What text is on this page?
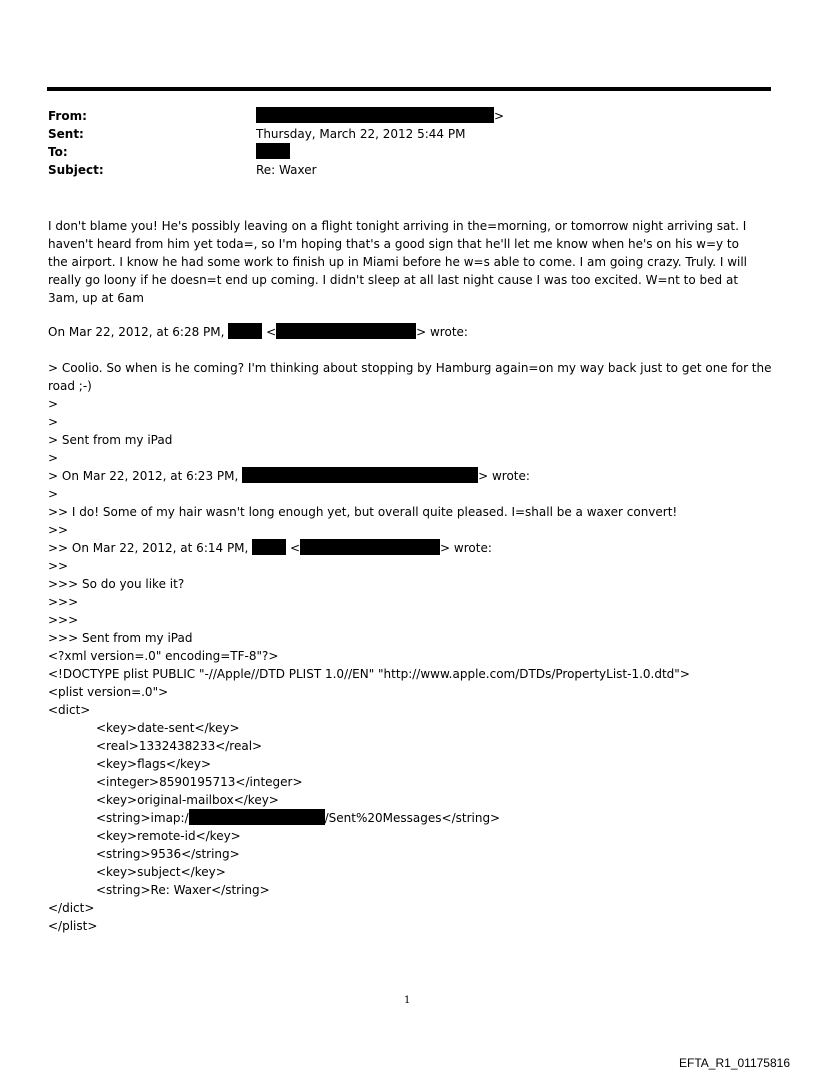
From:	>
Sent:	Thursday, March 22, 2012 5:44 PM
To:
Subject:	Re: Waxer
I don't blame you! He's possibly leaving on a flight tonight arriving in the=morning, or tomorrow night arriving sat. I haven't heard from him yet toda=, so I'm hoping that's a good sign that he'll let me know when he's on his w=y to the airport. I know he had some work to finish up in Miami before he w=s able to come. I am going crazy. Truly. I will really go loony if he doesn=t end up coming. I didn't sleep at all last night cause I was too excited. W=nt to bed at 3am, up at 6am
On Mar 22, 2012, at 6:28 PM,	<	> wrote:
> Coolio. So when is he coming? I'm thinking about stopping by Hamburg again=on my way back just to get one for the
road ;-)
>
>
> Sent from my iPad
>
> On Mar 22, 2012, at 6:23 PM,	> wrote:
>
>> I do! Some of my hair wasn't long enough yet, but overall quite pleased. I=shall be a waxer convert!
>>
>> On Mar 22, 2012, at 6:14 PM,	<	> wrote:
>>
>>> So do you like it?
>>>
>>>
>>> Sent from my iPad
<?xml version=.0" encoding=TF-8"?>
<!DOCTYPE plist PUBLIC "-//Apple//DTD PLIST 1.0//EN" "http://www.apple.com/DTDs/PropertyList-1.0.dtd">
<plist version=.0">
<dict>
<key>date-sent</key>
<real>1332438233</real>
<key>flags</key>
<integer>8590195713</integer>
<key>original-mailbox</key>
<string>imap:/	/Sent%20Messages</string>
<key>remote-id</key>
<string>9536</string>
<key>subject</key>
<string>Re: Waxer</string>
</dict>
</plist>
1
EFTA_R1_01175816
